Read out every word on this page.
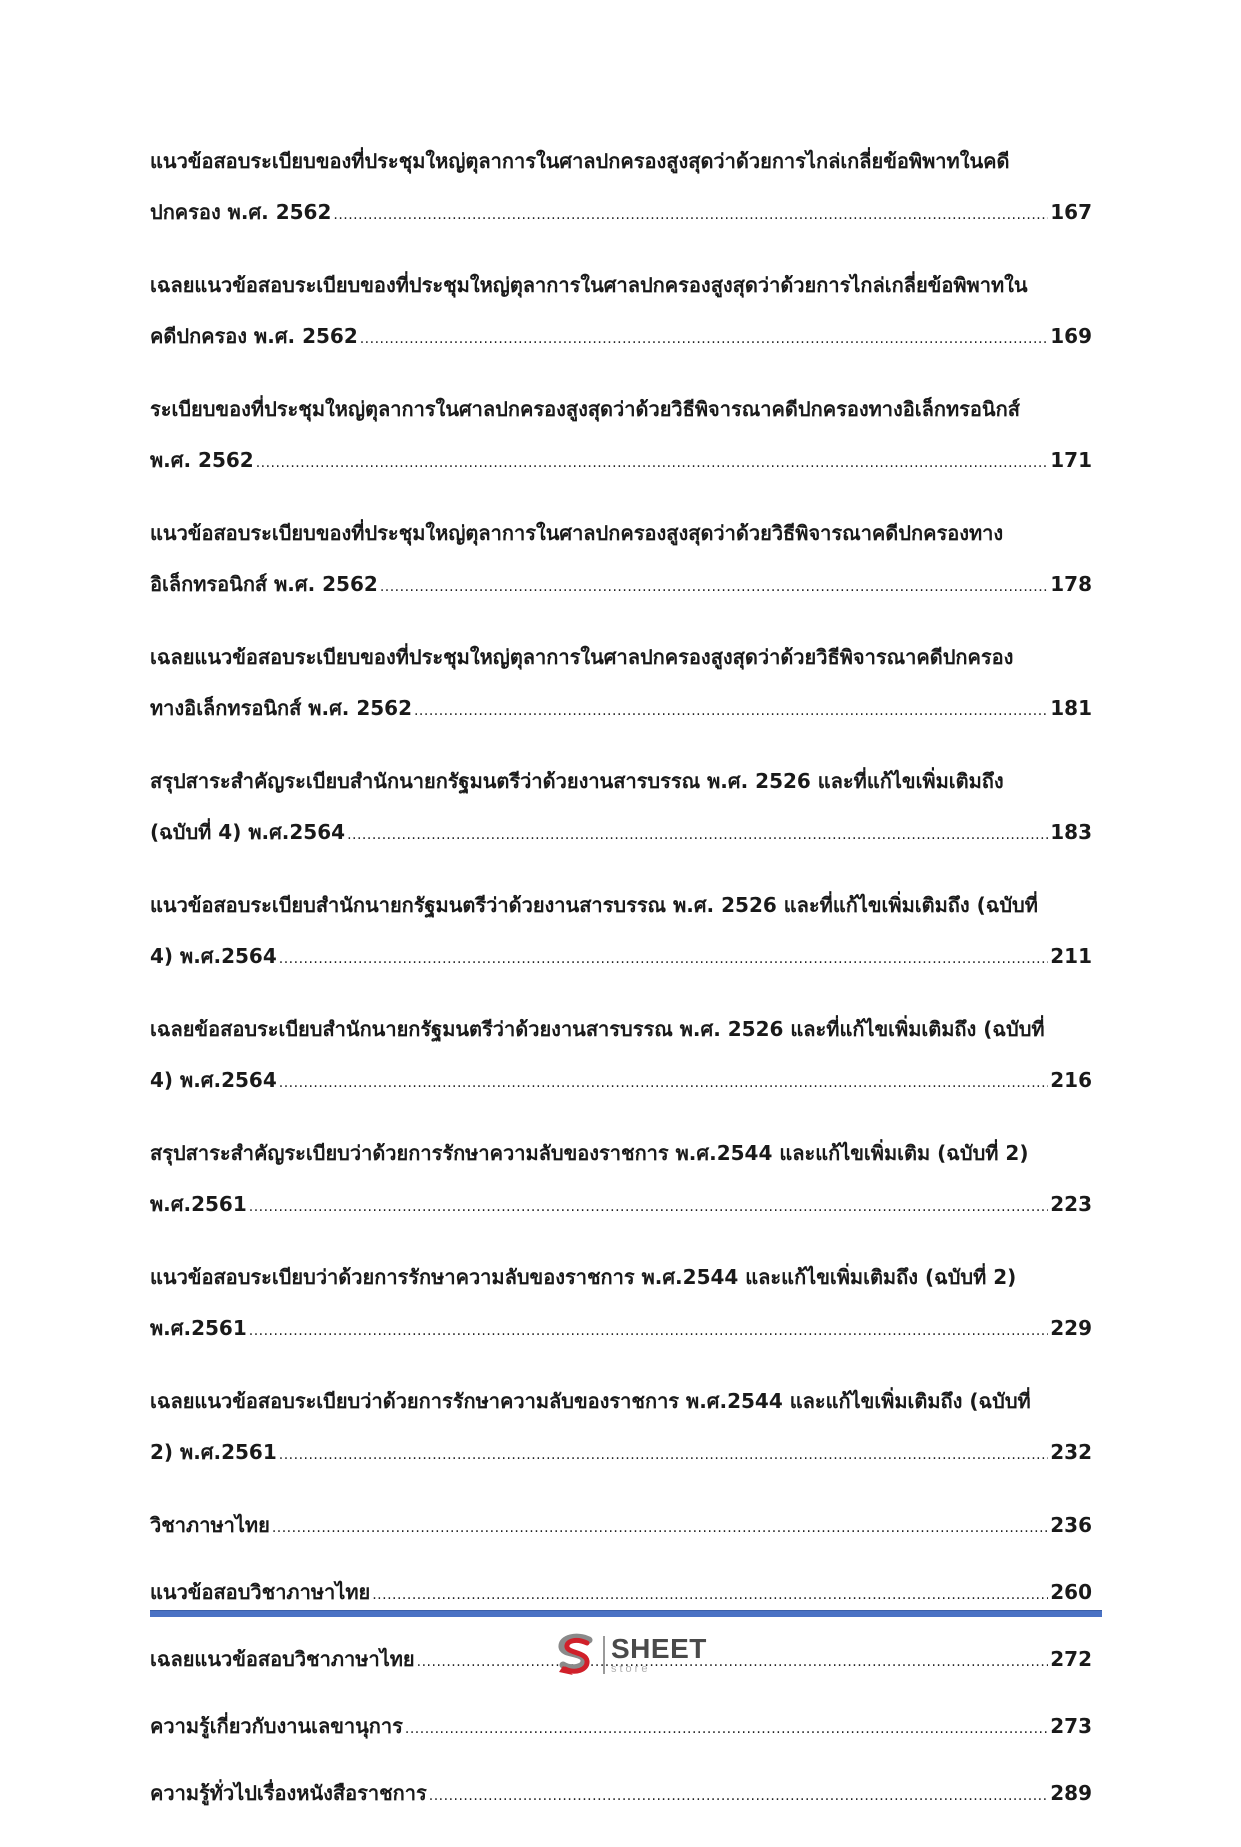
แนวข้อสอบระเบียบของที่ประชุมใหญ่ตุลาการในศาลปกครองสูงสุดว่าด้วยการไกล่เกลี่ยข้อพิพาทในคดี
ปกครอง พ.ศ. 2562 .....	167
เฉลยแนวข้อสอบระเบียบของที่ประชุมใหญ่ตุลาการในศาลปกครองสูงสุดว่าด้วยการไกล่เกลี่ยข้อพิพาทใน
คดีปกครอง พ.ศ. 2562 .....	169
ระเบียบของที่ประชุมใหญ่ตุลาการในศาลปกครองสูงสุดว่าด้วยวิธีพิจารณาคดีปกครองทางอิเล็กทรอนิกส์
พ.ศ. 2562 .....	171
แนวข้อสอบระเบียบของที่ประชุมใหญ่ตุลาการในศาลปกครองสูงสุดว่าด้วยวิธีพิจารณาคดีปกครองทาง
อิเล็กทรอนิกส์ พ.ศ. 2562 .....	178
เฉลยแนวข้อสอบระเบียบของที่ประชุมใหญ่ตุลาการในศาลปกครองสูงสุดว่าด้วยวิธีพิจารณาคดีปกครอง
ทางอิเล็กทรอนิกส์ พ.ศ. 2562 .....	181
สรุปสาระสำคัญระเบียบสำนักนายกรัฐมนตรีว่าด้วยงานสารบรรณ พ.ศ. 2526 และที่แก้ไขเพิ่มเติมถึง
(ฉบับที่ 4) พ.ศ.2564 .....	183
แนวข้อสอบระเบียบสำนักนายกรัฐมนตรีว่าด้วยงานสารบรรณ พ.ศ. 2526 และที่แก้ไขเพิ่มเติมถึง (ฉบับที่
4) พ.ศ.2564 .....	211
เฉลยข้อสอบระเบียบสำนักนายกรัฐมนตรีว่าด้วยงานสารบรรณ พ.ศ. 2526 และที่แก้ไขเพิ่มเติมถึง (ฉบับที่
4) พ.ศ.2564 .....	216
สรุปสาระสำคัญระเบียบว่าด้วยการรักษาความลับของราชการ พ.ศ.2544 และแก้ไขเพิ่มเติม (ฉบับที่ 2)
พ.ศ.2561 .....	223
แนวข้อสอบระเบียบว่าด้วยการรักษาความลับของราชการ พ.ศ.2544 และแก้ไขเพิ่มเติมถึง (ฉบับที่ 2)
พ.ศ.2561 .....	229
เฉลยแนวข้อสอบระเบียบว่าด้วยการรักษาความลับของราชการ พ.ศ.2544 และแก้ไขเพิ่มเติมถึง (ฉบับที่
2) พ.ศ.2561 .....	232
วิชาภาษาไทย .....	236
แนวข้อสอบวิชาภาษาไทย .....	260
เฉลยแนวข้อสอบวิชาภาษาไทย .....	272
ความรู้เกี่ยวกับงานเลขานุการ .....	273
ความรู้ทั่วไปเรื่องหนังสือราชการ .....	289
SHEET
store
